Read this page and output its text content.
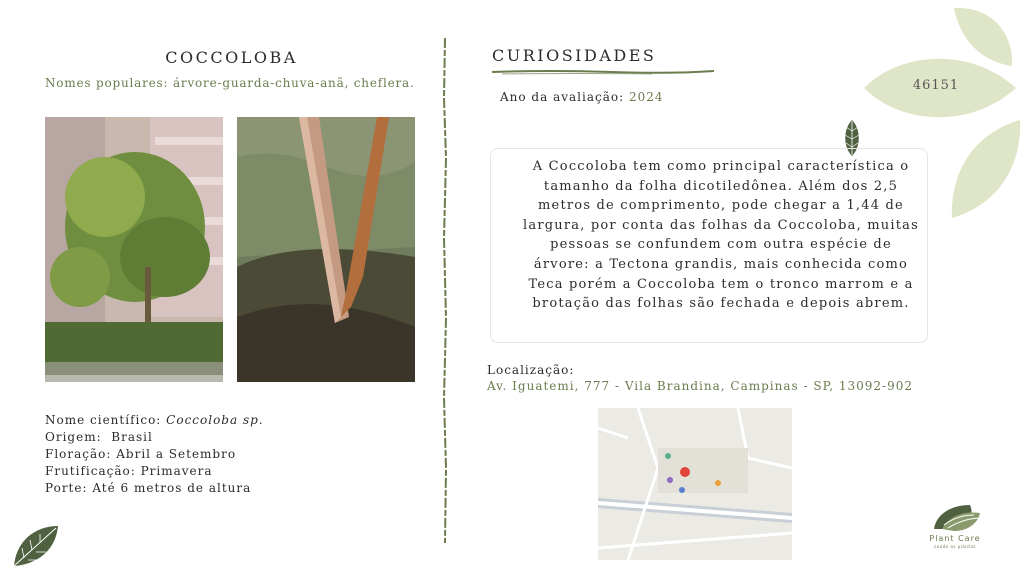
COCCOLOBA
Nomes populares: árvore-guarda-chuva-anã, cheflera.
Nome científico: Coccoloba sp.
Origem: Brasil
Floração: Abril a Setembro
Frutificação: Primavera
Porte: Até 6 metros de altura
CURIOSIDADES
Ano da avaliação: 2024
A Coccoloba tem como principal característica o tamanho da folha dicotiledônea. Além dos 2,5 metros de comprimento, pode chegar a 1,44 de largura, por conta das folhas da Coccoloba, muitas pessoas se confundem com outra espécie de árvore: a Tectona grandis, mais conhecida como Teca porém a Coccoloba tem o tronco marrom e a brotação das folhas são fechada e depois abrem.
Localização:
Av. Iguatemi, 777 - Vila Brandina, Campinas - SP, 13092-902
46151
Plant Care
saúde as plantas
